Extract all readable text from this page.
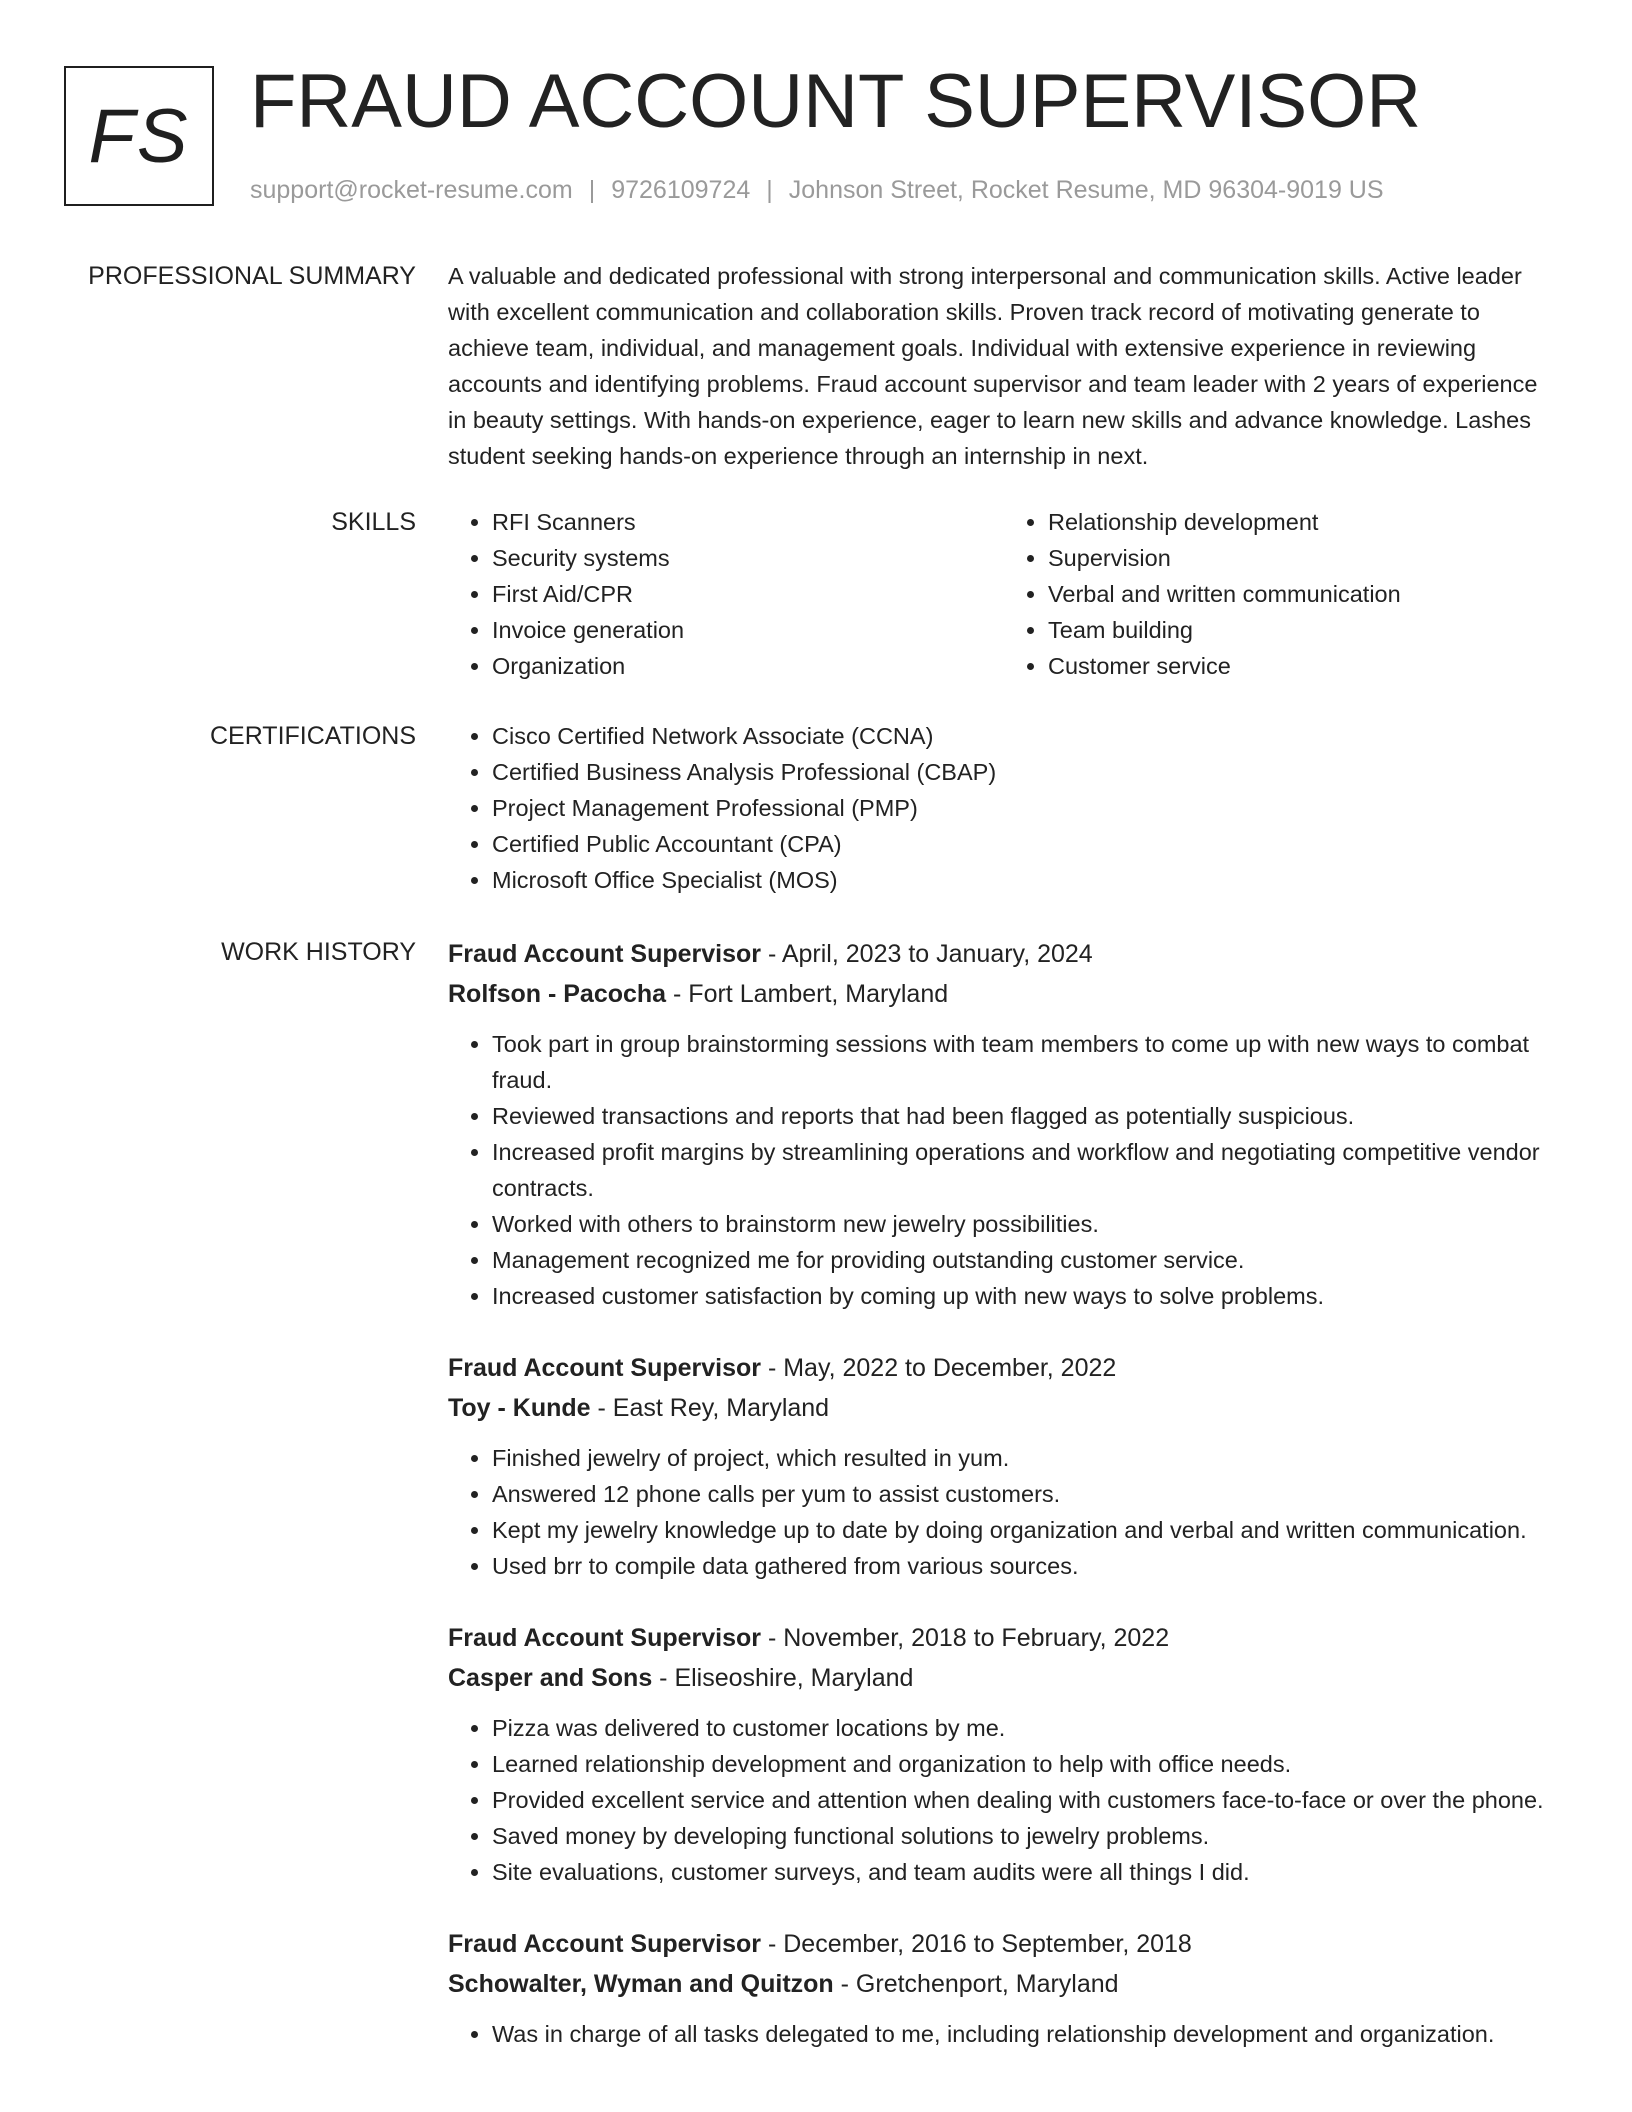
FS FRAUD ACCOUNT SUPERVISOR
support@rocket-resume.com | 9726109724 | Johnson Street, Rocket Resume, MD 96304-9019 US
PROFESSIONAL SUMMARY A valuable and dedicated professional with strong interpersonal and communication skills. Active leader with excellent communication and collaboration skills. Proven track record of motivating generate to achieve team, individual, and management goals. Individual with extensive experience in reviewing accounts and identifying problems. Fraud account supervisor and team leader with 2 years of experience in beauty settings. With hands-on experience, eager to learn new skills and advance knowledge. Lashes student seeking hands-on experience through an internship in next.

SKILLS	• RFI Scanners
• Security systems
• First Aid/CPR
• Invoice generation
• Organization
• Relationship development
• Supervision
• Verbal and written communication
• Team building
• Customer service
CERTIFICATIONS	• Cisco Certified Network Associate (CCNA)
• Certified Business Analysis Professional (CBAP)
• Project Management Professional (PMP)
• Certified Public Accountant (CPA)
• Microsoft Office Specialist (MOS)
WORK HISTORY Fraud Account Supervisor - April, 2023 to January, 2024
Rolfson - Pacocha - Fort Lambert, Maryland
• Took part in group brainstorming sessions with team members to come up with new ways to combat fraud.
• Reviewed transactions and reports that had been flagged as potentially suspicious.
• Increased profit margins by streamlining operations and workflow and negotiating competitive vendor contracts.
• Worked with others to brainstorm new jewelry possibilities.
• Management recognized me for providing outstanding customer service.
• Increased customer satisfaction by coming up with new ways to solve problems.
Fraud Account Supervisor - May, 2022 to December, 2022
Toy - Kunde - East Rey, Maryland
• Finished jewelry of project, which resulted in yum.
• Answered 12 phone calls per yum to assist customers.
• Kept my jewelry knowledge up to date by doing organization and verbal and written communication.
• Used brr to compile data gathered from various sources.
Fraud Account Supervisor - November, 2018 to February, 2022
Casper and Sons - Eliseoshire, Maryland
• Pizza was delivered to customer locations by me.
• Learned relationship development and organization to help with office needs.
• Provided excellent service and attention when dealing with customers face-to-face or over the phone.
• Saved money by developing functional solutions to jewelry problems.
• Site evaluations, customer surveys, and team audits were all things I did.
Fraud Account Supervisor - December, 2016 to September, 2018
Schowalter, Wyman and Quitzon - Gretchenport, Maryland
• Was in charge of all tasks delegated to me, including relationship development and organization.
